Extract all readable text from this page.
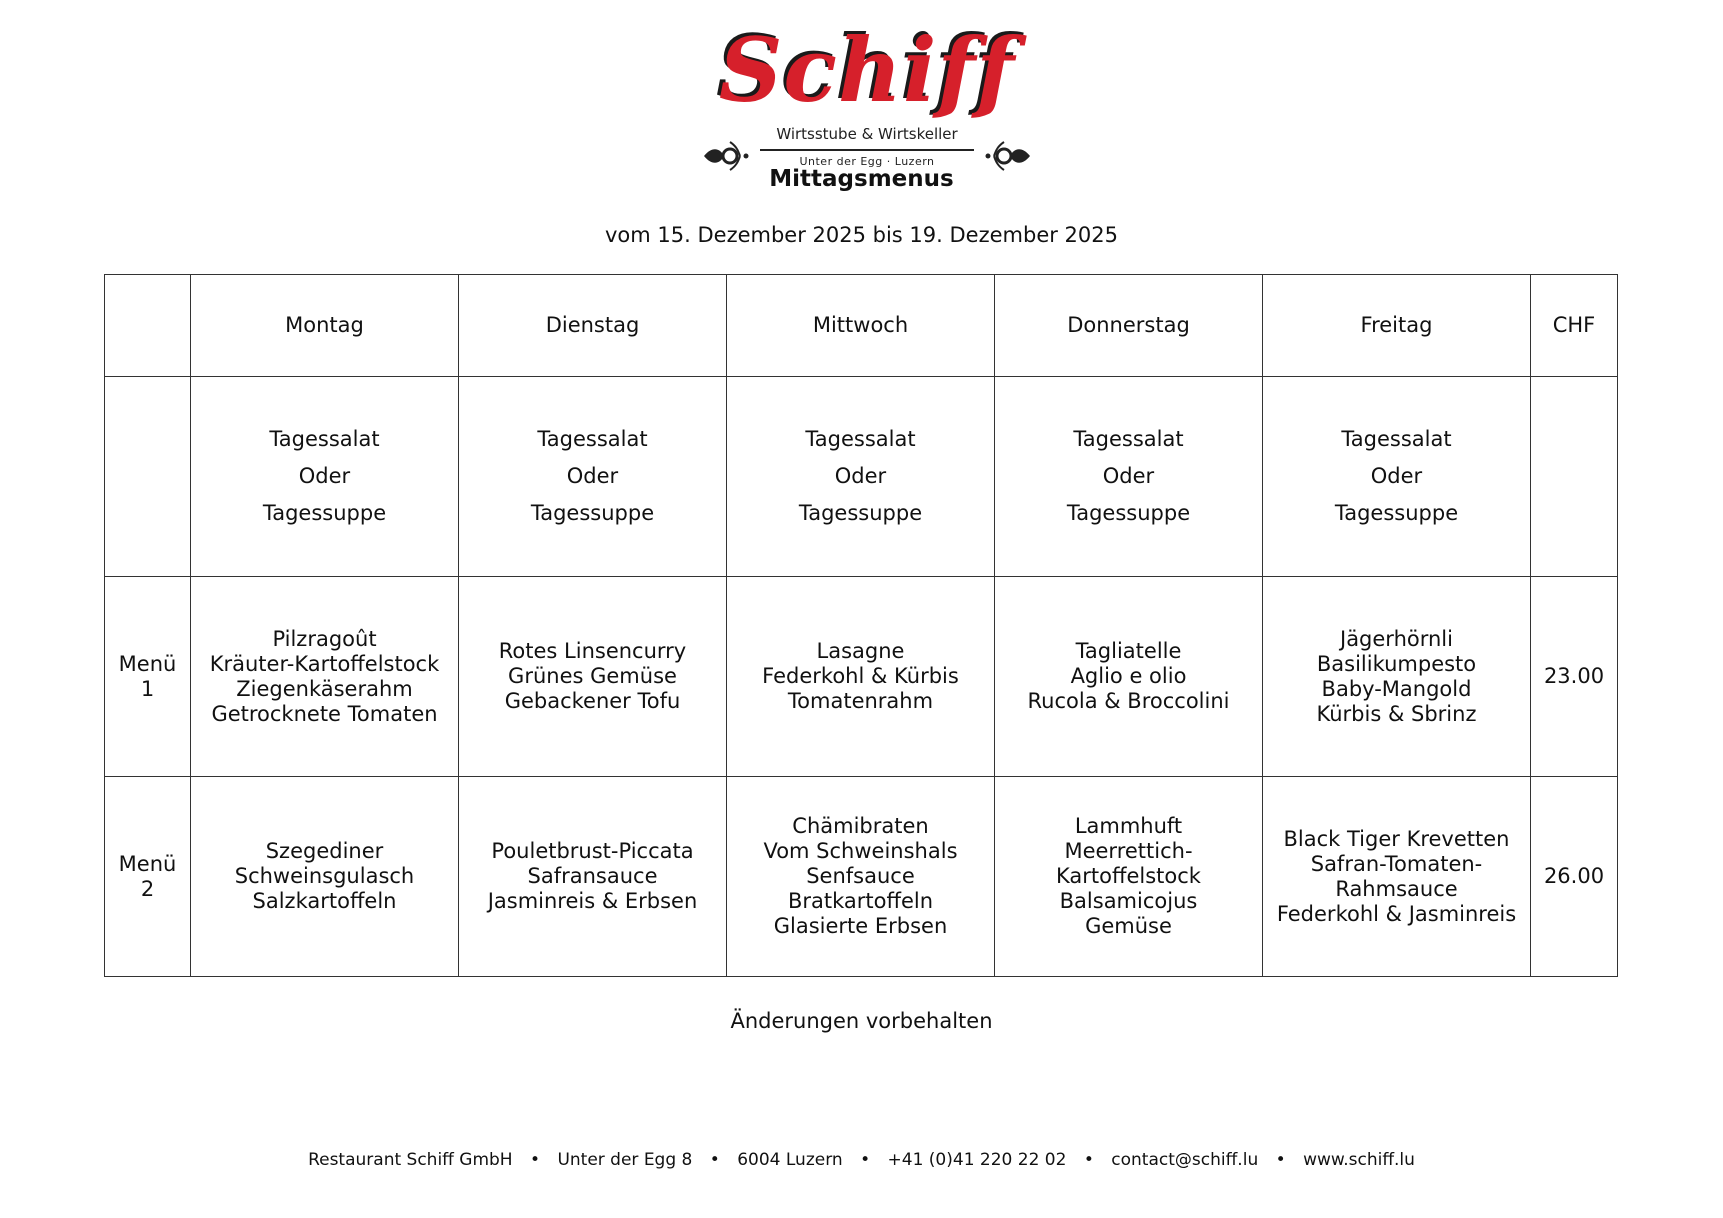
Schiff
Wirtsstube & Wirtskeller
Unter der Egg · Luzern
Mittagsmenus
vom 15. Dezember 2025 bis 19. Dezember 2025
	Montag	Dienstag	Mittwoch	Donnerstag	Freitag	CHF

	Tagessalat
Oder
Tagessuppe	Tagessalat
Oder
Tagessuppe	Tagessalat
Oder
Tagessuppe	Tagessalat
Oder
Tagessuppe	Tagessalat
Oder
Tagessuppe	

Menü
1	Pilzragoût
Kräuter-Kartoffelstock
Ziegenkäserahm
Getrocknete Tomaten	Rotes Linsencurry
Grünes Gemüse
Gebackener Tofu	Lasagne
Federkohl & Kürbis
Tomatenrahm	Tagliatelle
Aglio e olio
Rucola & Broccolini	Jägerhörnli
Basilikumpesto
Baby-Mangold
Kürbis & Sbrinz	23.00

Menü
2	Szegediner
Schweinsgulasch
Salzkartoffeln	Pouletbrust-Piccata
Safransauce
Jasminreis & Erbsen	Chämibraten
Vom Schweinshals
Senfsauce
Bratkartoffeln
Glasierte Erbsen	Lammhuft
Meerrettich-
Kartoffelstock
Balsamicojus
Gemüse	Black Tiger Krevetten
Safran-Tomaten-
Rahmsauce
Federkohl & Jasminreis	26.00
Änderungen vorbehalten
Restaurant Schiff GmbH • Unter der Egg 8 • 6004 Luzern • +41 (0)41 220 22 02 • contact@schiff.lu • www.schiff.lu
